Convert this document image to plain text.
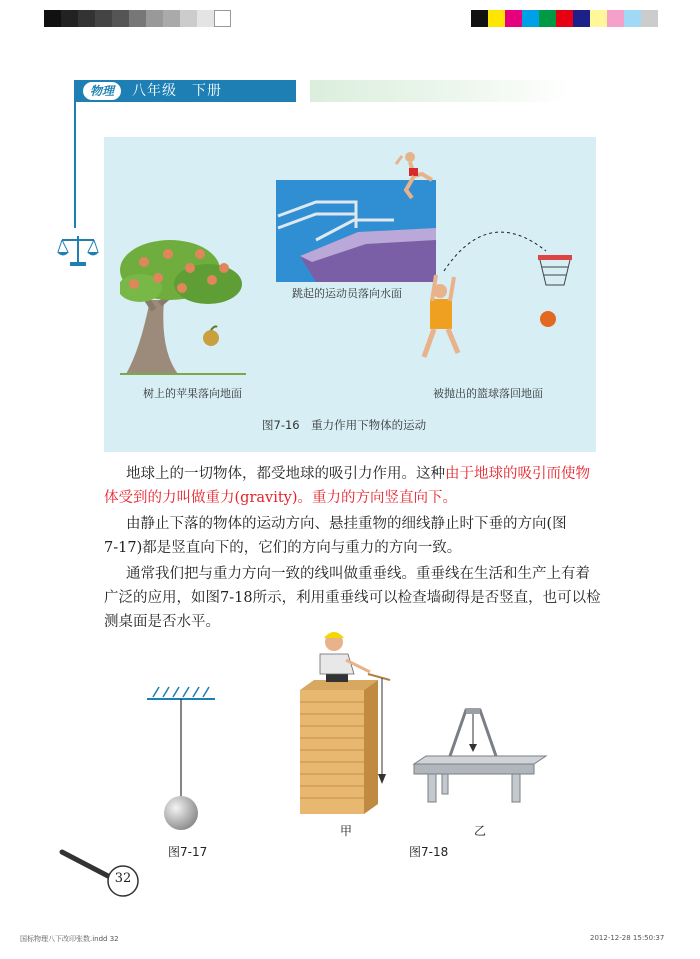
物理	八年级　下册
跳起的运动员落向水面
树上的苹果落向地面	被抛出的篮球落回地面
图7-16　重力作用下物体的运动
地球上的一切物体，都受地球的吸引力作用。这种由于地球的吸引而使物
体受到的力叫做重力(gravity)。重力的方向竖直向下。
由静止下落的物体的运动方向、悬挂重物的细线静止时下垂的方向(图
7-17)都是竖直向下的，它们的方向与重力的方向一致。
通常我们把与重力方向一致的线叫做重垂线。重垂线在生活和生产上有着
广泛的应用，如图7-18所示，利用重垂线可以检查墙砌得是否竖直，也可以检
测桌面是否水平。
图7-17
甲	乙
图7-18
32
国标物理八下改印张数.indd 32	2012-12-28 15:50:37
